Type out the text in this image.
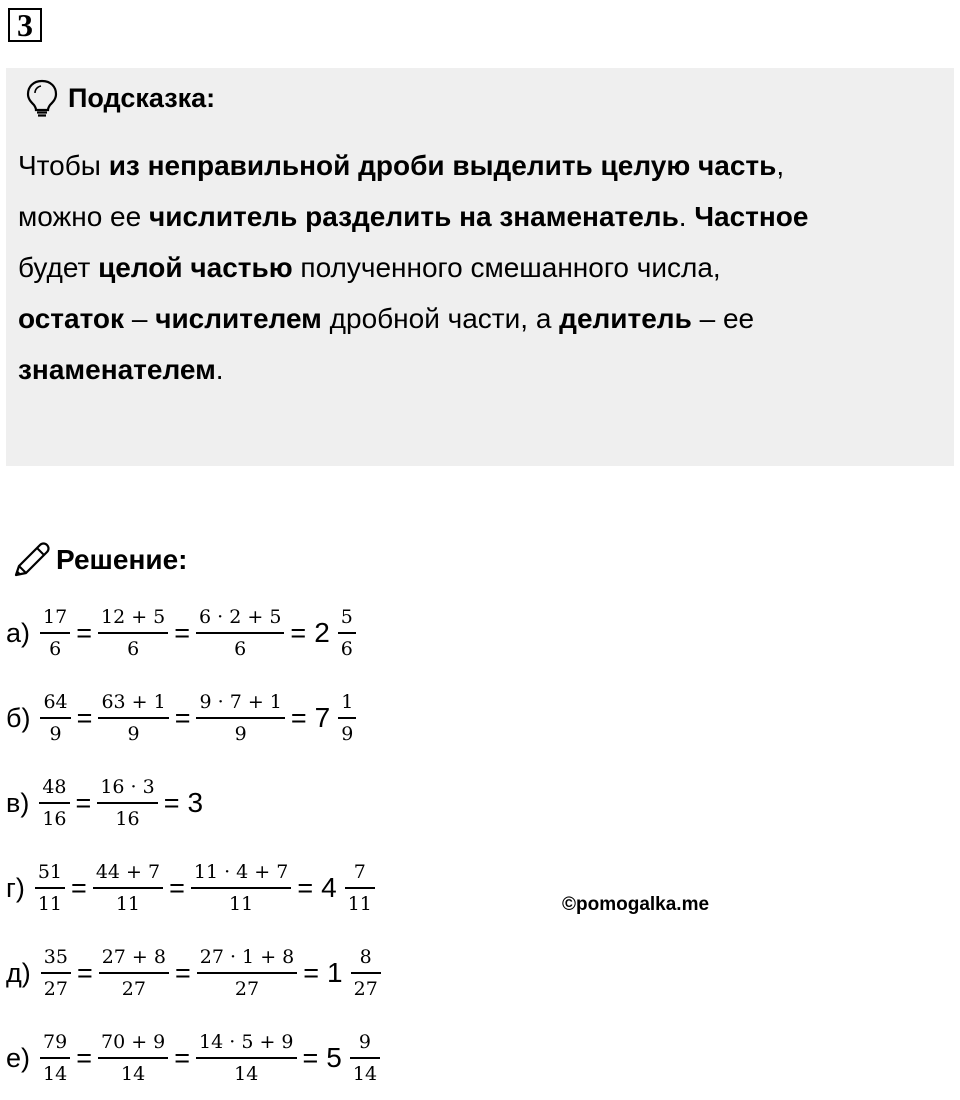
3
Подсказка:
Чтобы из неправильной дроби выделить целую часть,
можно ее числитель разделить на знаменатель. Частное
будет целой частью полученного смешанного числа,
остаток – числителем дробной части, а делитель – ее
знаменателем.
Решение:
$а) \frac{17}{6} = \frac{12 + 5}{6} = \frac{6 \cdot 2 + 5}{6} = 2 \frac{5}{6}$
$б) \frac{64}{9} = \frac{63 + 1}{9} = \frac{9 \cdot 7 + 1}{9} = 7 \frac{1}{9}$
$в) \frac{48}{16} = \frac{16 \cdot 3}{16} = 3$
$г) \frac{51}{11} = \frac{44 + 7}{11} = \frac{11 \cdot 4 + 7}{11} = 4 \frac{7}{11}$
$д) \frac{35}{27} = \frac{27 + 8}{27} = \frac{27 \cdot 1 + 8}{27} = 1 \frac{8}{27}$
$е) \frac{79}{14} = \frac{70 + 9}{14} = \frac{14 \cdot 5 + 9}{14} = 5 \frac{9}{14}$
©pomogalka.me
